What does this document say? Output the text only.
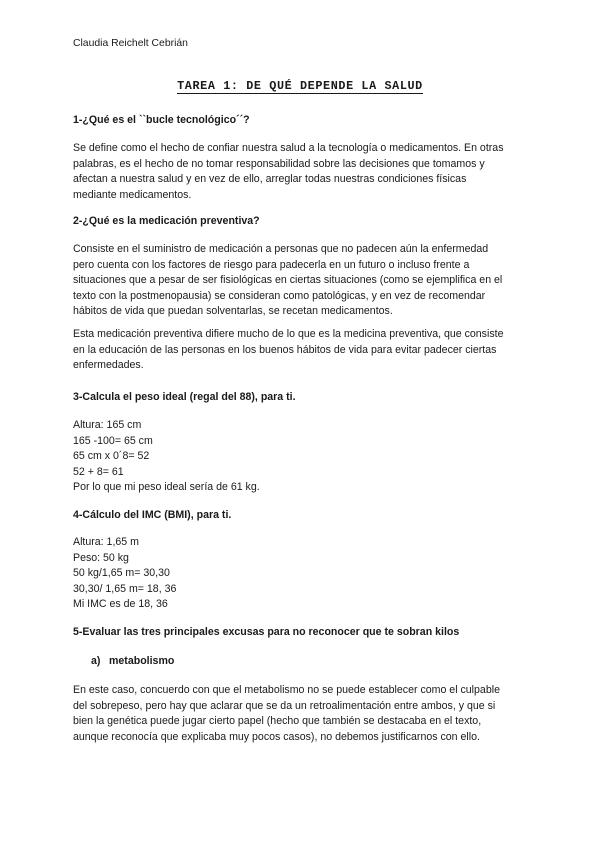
Claudia Reichelt Cebrián
TAREA 1: DE QUÉ DEPENDE LA SALUD
1-¿Qué es el ``bucle tecnológico´´?
Se define como el hecho de confiar nuestra salud a la tecnología o medicamentos. En otras
palabras, es el hecho de no tomar responsabilidad sobre las decisiones que tomamos y
afectan a nuestra salud y en vez de ello, arreglar todas nuestras condiciones físicas
mediante medicamentos.
2-¿Qué es la medicación preventiva?
Consiste en el suministro de medicación a personas que no padecen aún la enfermedad
pero cuenta con los factores de riesgo para padecerla en un futuro o incluso frente a
situaciones que a pesar de ser fisiológicas en ciertas situaciones (como se ejemplifica en el
texto con la postmenopausia) se consideran como patológicas, y en vez de recomendar
hábitos de vida que puedan solventarlas, se recetan medicamentos.
Esta medicación preventiva difiere mucho de lo que es la medicina preventiva, que consiste
en la educación de las personas en los buenos hábitos de vida para evitar padecer ciertas
enfermedades.
3-Calcula el peso ideal (regal del 88), para ti.
Altura: 165 cm
165 -100= 65 cm
65 cm x 0´8= 52
52 + 8= 61
Por lo que mi peso ideal sería de 61 kg.
4-Cálculo del IMC (BMI), para ti.
Altura: 1,65 m
Peso: 50 kg
50 kg/1,65 m= 30,30
30,30/ 1,65 m= 18, 36
Mi IMC es de 18, 36
5-Evaluar las tres principales excusas para no reconocer que te sobran kilos
a) metabolismo
En este caso, concuerdo con que el metabolismo no se puede establecer como el culpable
del sobrepeso, pero hay que aclarar que se da un retroalimentación entre ambos, y que si
bien la genética puede jugar cierto papel (hecho que también se destacaba en el texto,
aunque reconocía que explicaba muy pocos casos), no debemos justificarnos con ello.
